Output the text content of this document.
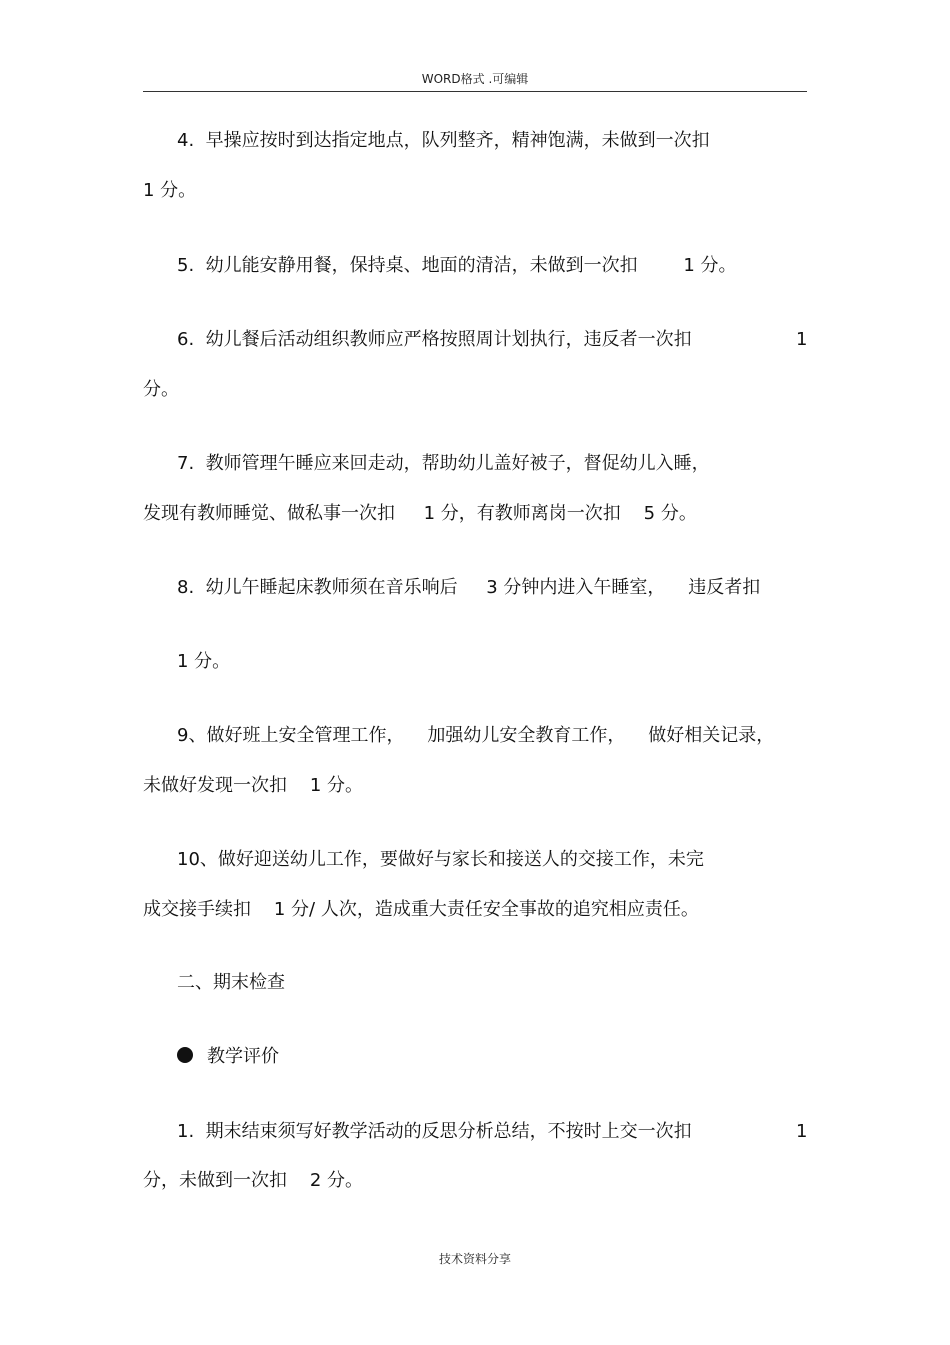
WORD格式 .可编辑
4.  早操应按时到达指定地点，队列整齐，精神饱满，未做到一次扣
1 分。
5.  幼儿能安静用餐，保持桌、地面的清洁，未做到一次扣        1 分。
6.  幼儿餐后活动组织教师应严格按照周计划执行，违反者一次扣	1
分。
7.  教师管理午睡应来回走动，帮助幼儿盖好被子，督促幼儿入睡，
发现有教师睡觉、做私事一次扣     1 分，有教师离岗一次扣    5 分。
8.  幼儿午睡起床教师须在音乐响后     3 分钟内进入午睡室，    违反者扣
1 分。
9、做好班上安全管理工作，    加强幼儿安全教育工作，    做好相关记录，
未做好发现一次扣    1 分。
10、做好迎送幼儿工作，要做好与家长和接送人的交接工作，未完
成交接手续扣    1 分/ 人次，造成重大责任安全事故的追究相应责任。
二、期末检查
教学评价
1.  期末结束须写好教学活动的反思分析总结，不按时上交一次扣	1
分，未做到一次扣    2 分。
技术资料分享
